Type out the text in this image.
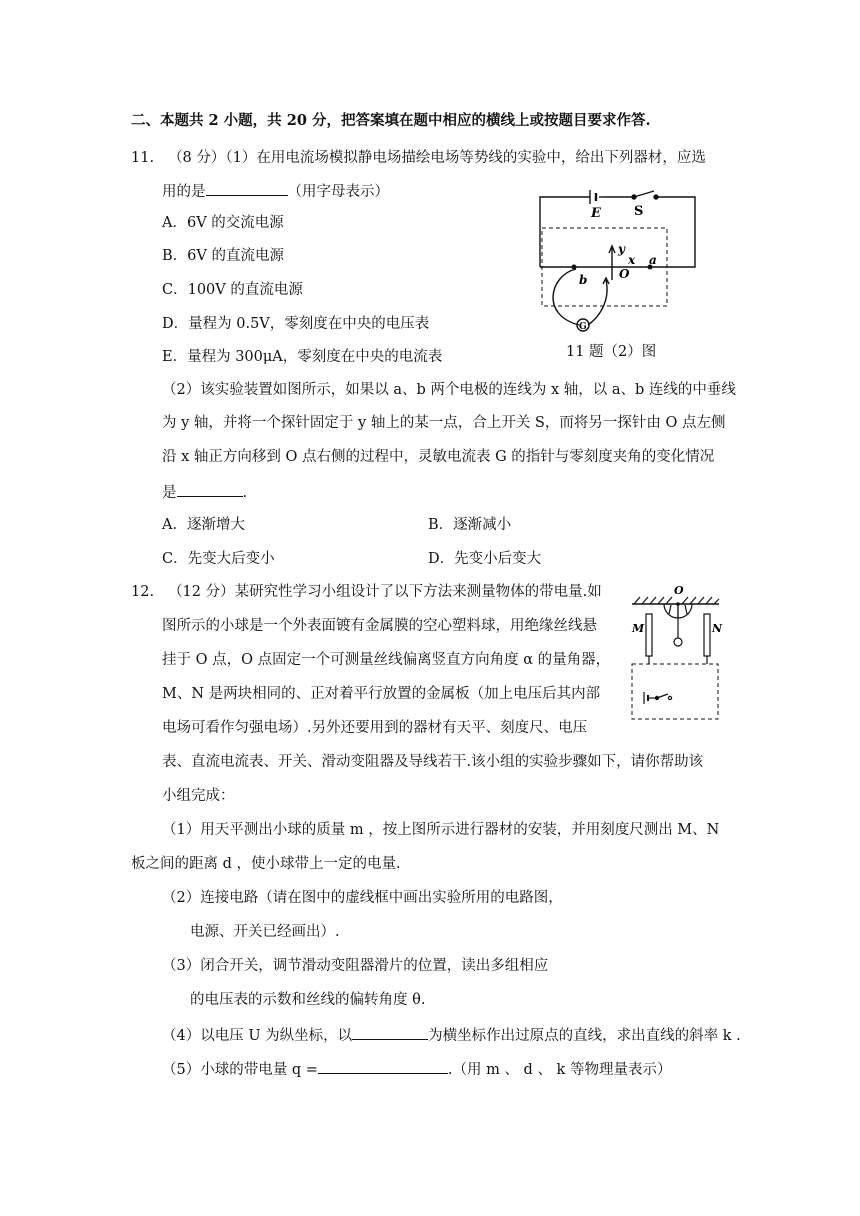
二、本题共 2 小题，共 20 分，把答案填在题中相应的横线上或按题目要求作答.
11. （8 分）（1）在用电流场模拟静电场描绘电场等势线的实验中，给出下列器材，应选
用的是	（用字母表示）
A．6V 的交流电源
B．6V 的直流电源
C．100V 的直流电源
D．量程为 0.5V，零刻度在中央的电压表
E．量程为 300μA，零刻度在中央的电流表
E	S
y
x
O
a
b
G
11 题（2）图
（2）该实验装置如图所示，如果以 a、b 两个电极的连线为 x 轴，以 a、b 连线的中垂线
为 y 轴，并将一个探针固定于 y 轴上的某一点，合上开关 S，而将另一探针由 O 点左侧
沿 x 轴正方向移到 O 点右侧的过程中，灵敏电流表 G 的指针与零刻度夹角的变化情况
是	.
A．逐渐增大	B．逐渐减小
C．先变大后变小	D．先变小后变大
12. （12 分）某研究性学习小组设计了以下方法来测量物体的带电量.如
图所示的小球是一个外表面镀有金属膜的空心塑料球，用绝缘丝线悬
挂于 O 点，O 点固定一个可测量丝线偏离竖直方向角度 α 的量角器，
M、N 是两块相同的、正对着平行放置的金属板（加上电压后其内部
电场可看作匀强电场）.另外还要用到的器材有天平、刻度尺、电压
表、直流电流表、开关、滑动变阻器及导线若干.该小组的实验步骤如下，请你帮助该
小组完成：
O
M	N
（1）用天平测出小球的质量 m ，按上图所示进行器材的安装，并用刻度尺测出 M、N
板之间的距离 d ，使小球带上一定的电量.
（2）连接电路（请在图中的虚线框中画出实验所用的电路图，
电源、开关已经画出）.
（3）闭合开关，调节滑动变阻器滑片的位置，读出多组相应
的电压表的示数和丝线的偏转角度 θ.
（4）以电压 U 为纵坐标，以	为横坐标作出过原点的直线，求出直线的斜率 k .
（5）小球的带电量 q =	.（用 m 、 d 、 k 等物理量表示）
